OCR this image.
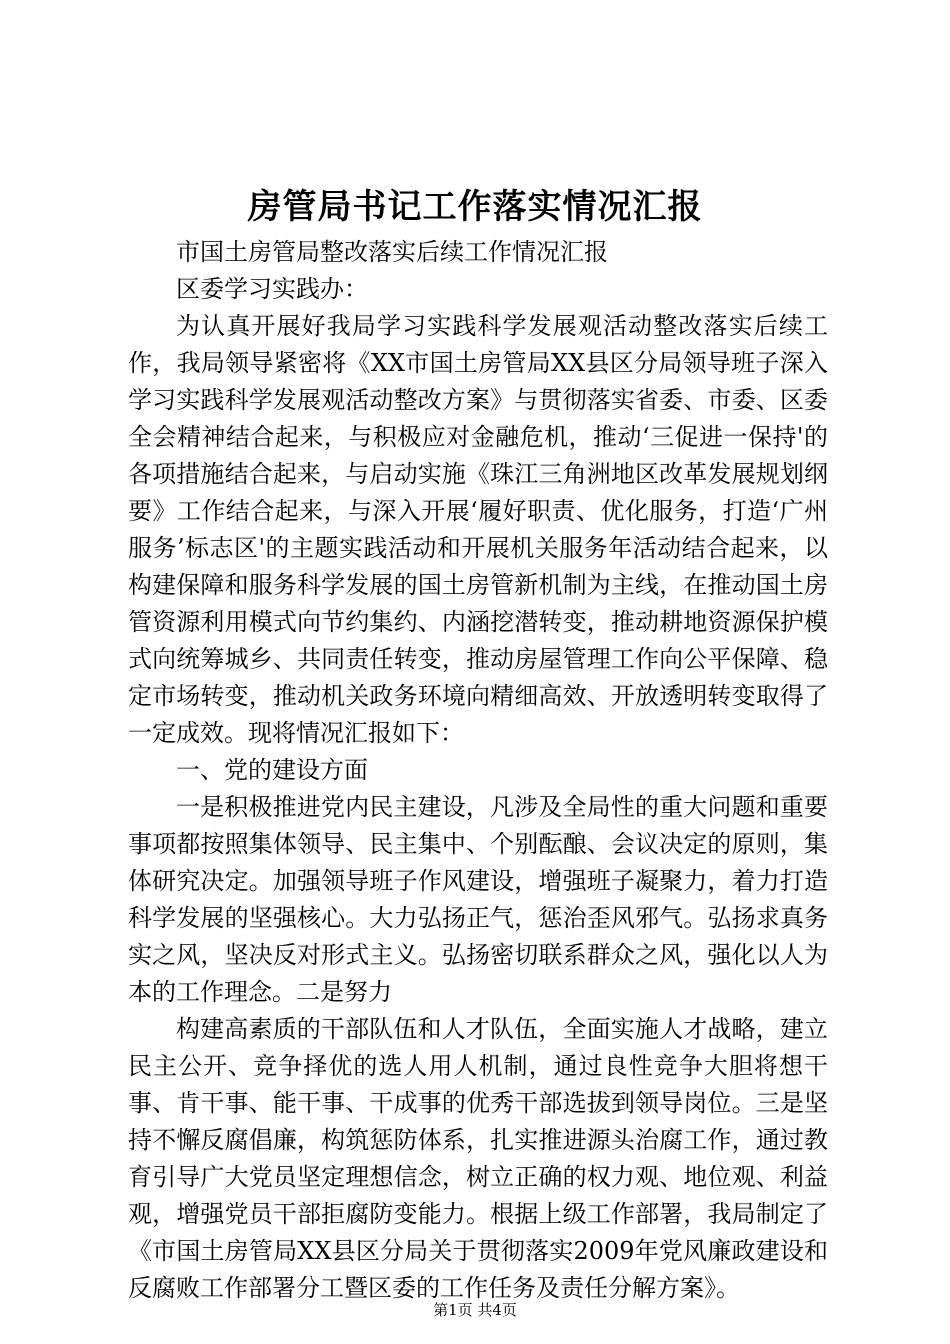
房管局书记工作落实情况汇报

市国土房管局整改落实后续工作情况汇报

区委学习实践办：

为认真开展好我局学习实践科学发展观活动整改落实后续工作，我局领导紧密将《XX市国土房管局XX县区分局领导班子深入学习实践科学发展观活动整改方案》与贯彻落实省委、市委、区委全会精神结合起来，与积极应对金融危机，推动‘三促进一保持'的各项措施结合起来，与启动实施《珠江三角洲地区改革发展规划纲要》工作结合起来，与深入开展‘履好职责、优化服务，打造‘广州服务’标志区'的主题实践活动和开展机关服务年活动结合起来，以构建保障和服务科学发展的国土房管新机制为主线，在推动国土房管资源利用模式向节约集约、内涵挖潜转变，推动耕地资源保护模式向统筹城乡、共同责任转变，推动房屋管理工作向公平保障、稳定市场转变，推动机关政务环境向精细高效、开放透明转变取得了一定成效。现将情况汇报如下：

一、党的建设方面

一是积极推进党内民主建设，凡涉及全局性的重大问题和重要事项都按照集体领导、民主集中、个别酝酿、会议决定的原则，集体研究决定。加强领导班子作风建设，增强班子凝聚力，着力打造科学发展的坚强核心。大力弘扬正气，惩治歪风邪气。弘扬求真务实之风，坚决反对形式主义。弘扬密切联系群众之风，强化以人为本的工作理念。二是努力

构建高素质的干部队伍和人才队伍，全面实施人才战略，建立民主公开、竞争择优的选人用人机制，通过良性竞争大胆将想干事、肯干事、能干事、干成事的优秀干部选拔到领导岗位。三是坚持不懈反腐倡廉，构筑惩防体系，扎实推进源头治腐工作，通过教育引导广大党员坚定理想信念，树立正确的权力观、地位观、利益观，增强党员干部拒腐防变能力。根据上级工作部署，我局制定了《市国土房管局XX县区分局关于贯彻落实2009年党风廉政建设和反腐败工作部署分工暨区委的工作任务及责任分解方案》。

第1页 共4页
